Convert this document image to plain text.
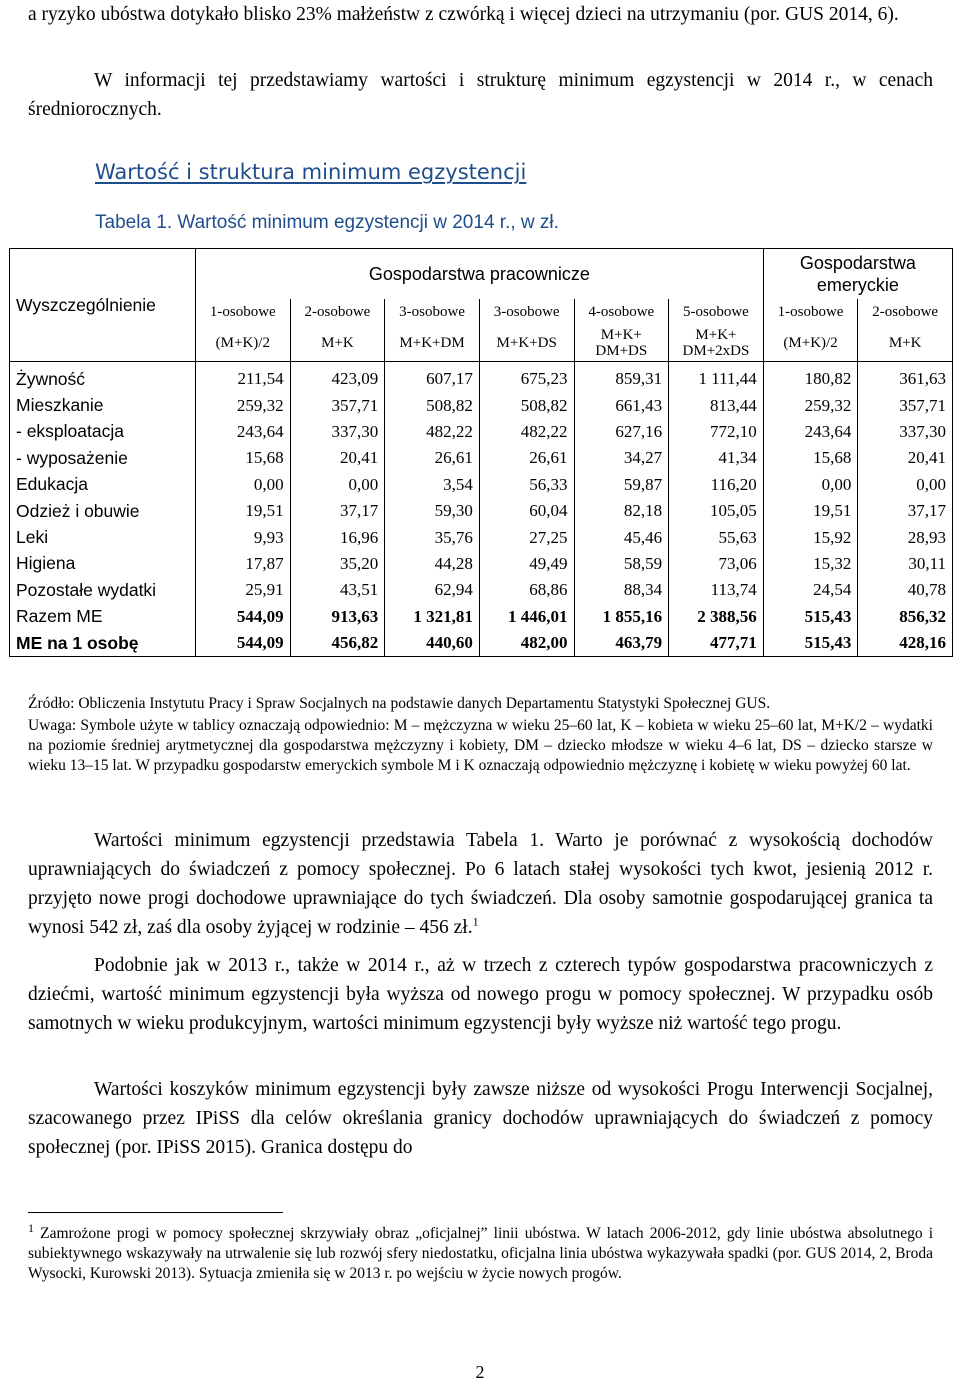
a ryzyko ubóstwa dotykało blisko 23% małżeństw z czwórką i więcej dzieci na utrzymaniu (por. GUS 2014, 6).

W informacji tej przedstawiamy wartości i strukturę minimum egzystencji w 2014 r., w cenach średniorocznych.

Wartość i struktura minimum egzystencji
Tabela 1. Wartość minimum egzystencji w 2014 r., w zł.
Wyszczególnienie	Gospodarstwa pracownicze						Gospodarstwa emeryckie	
	1-osobowe	2-osobowe	3-osobowe	3-osobowe	4-osobowe	5-osobowe	1-osobowe	2-osobowe
	(M+K)/2	M+K	M+K+DM	M+K+DS	M+K+ DM+DS	M+K+ DM+2xDS	(M+K)/2	M+K
Żywność	211,54	423,09	607,17	675,23	859,31	1 111,44	180,82	361,63
Mieszkanie	259,32	357,71	508,82	508,82	661,43	813,44	259,32	357,71
- eksploatacja	243,64	337,30	482,22	482,22	627,16	772,10	243,64	337,30
- wyposażenie	15,68	20,41	26,61	26,61	34,27	41,34	15,68	20,41
Edukacja	0,00	0,00	3,54	56,33	59,87	116,20	0,00	0,00
Odzież i obuwie	19,51	37,17	59,30	60,04	82,18	105,05	19,51	37,17
Leki	9,93	16,96	35,76	27,25	45,46	55,63	15,92	28,93
Higiena	17,87	35,20	44,28	49,49	58,59	73,06	15,32	30,11
Pozostałe wydatki	25,91	43,51	62,94	68,86	88,34	113,74	24,54	40,78
Razem ME	544,09	913,63	1 321,81	1 446,01	1 855,16	2 388,56	515,43	856,32
ME na 1 osobę	544,09	456,82	440,60	482,00	463,79	477,71	515,43	428,16

Źródło: Obliczenia Instytutu Pracy i Spraw Socjalnych na podstawie danych Departamentu Statystyki Społecznej GUS.

Uwaga: Symbole użyte w tablicy oznaczają odpowiednio: M – mężczyzna w wieku 25–60 lat, K – kobieta w wieku 25–60 lat, M+K/2 – wydatki na poziomie średniej arytmetycznej dla gospodarstwa mężczyzny i kobiety, DM – dziecko młodsze w wieku 4–6 lat, DS – dziecko starsze w wieku 13–15 lat. W przypadku gospodarstw emeryckich symbole M i K oznaczają odpowiednio mężczyznę i kobietę w wieku powyżej 60 lat.

Wartości minimum egzystencji przedstawia Tabela 1. Warto je porównać z wysokością dochodów uprawniających do świadczeń z pomocy społecznej. Po 6 latach stałej wysokości tych kwot, jesienią 2012 r. przyjęto nowe progi dochodowe uprawniające do tych świadczeń. Dla osoby samotnie gospodarującej granica ta wynosi 542 zł, zaś dla osoby żyjącej w rodzinie – 456 zł.$^1$

Podobnie jak w 2013 r., także w 2014 r., aż w trzech z czterech typów gospodarstwa pracowniczych z dziećmi, wartość minimum egzystencji była wyższa od nowego progu w pomocy społecznej. W przypadku osób samotnych w wieku produkcyjnym, wartości minimum egzystencji były wyższe niż wartość tego progu.

Wartości koszyków minimum egzystencji były zawsze niższe od wysokości Progu Interwencji Socjalnej, szacowanego przez IPiSS dla celów określania granicy dochodów uprawniających do świadczeń z pomocy społecznej (por. IPiSS 2015). Granica dostępu do

$^1$ Zamrożone progi w pomocy społecznej skrzywiały obraz „oficjalnej” linii ubóstwa. W latach 2006-2012, gdy linie ubóstwa absolutnego i subiektywnego wskazywały na utrwalenie się lub rozwój sfery niedostatku, oficjalna linia ubóstwa wykazywała spadki (por. GUS 2014, 2, Broda Wysocki, Kurowski 2013). Sytuacja zmieniła się w 2013 r. po wejściu w życie nowych progów.

2
